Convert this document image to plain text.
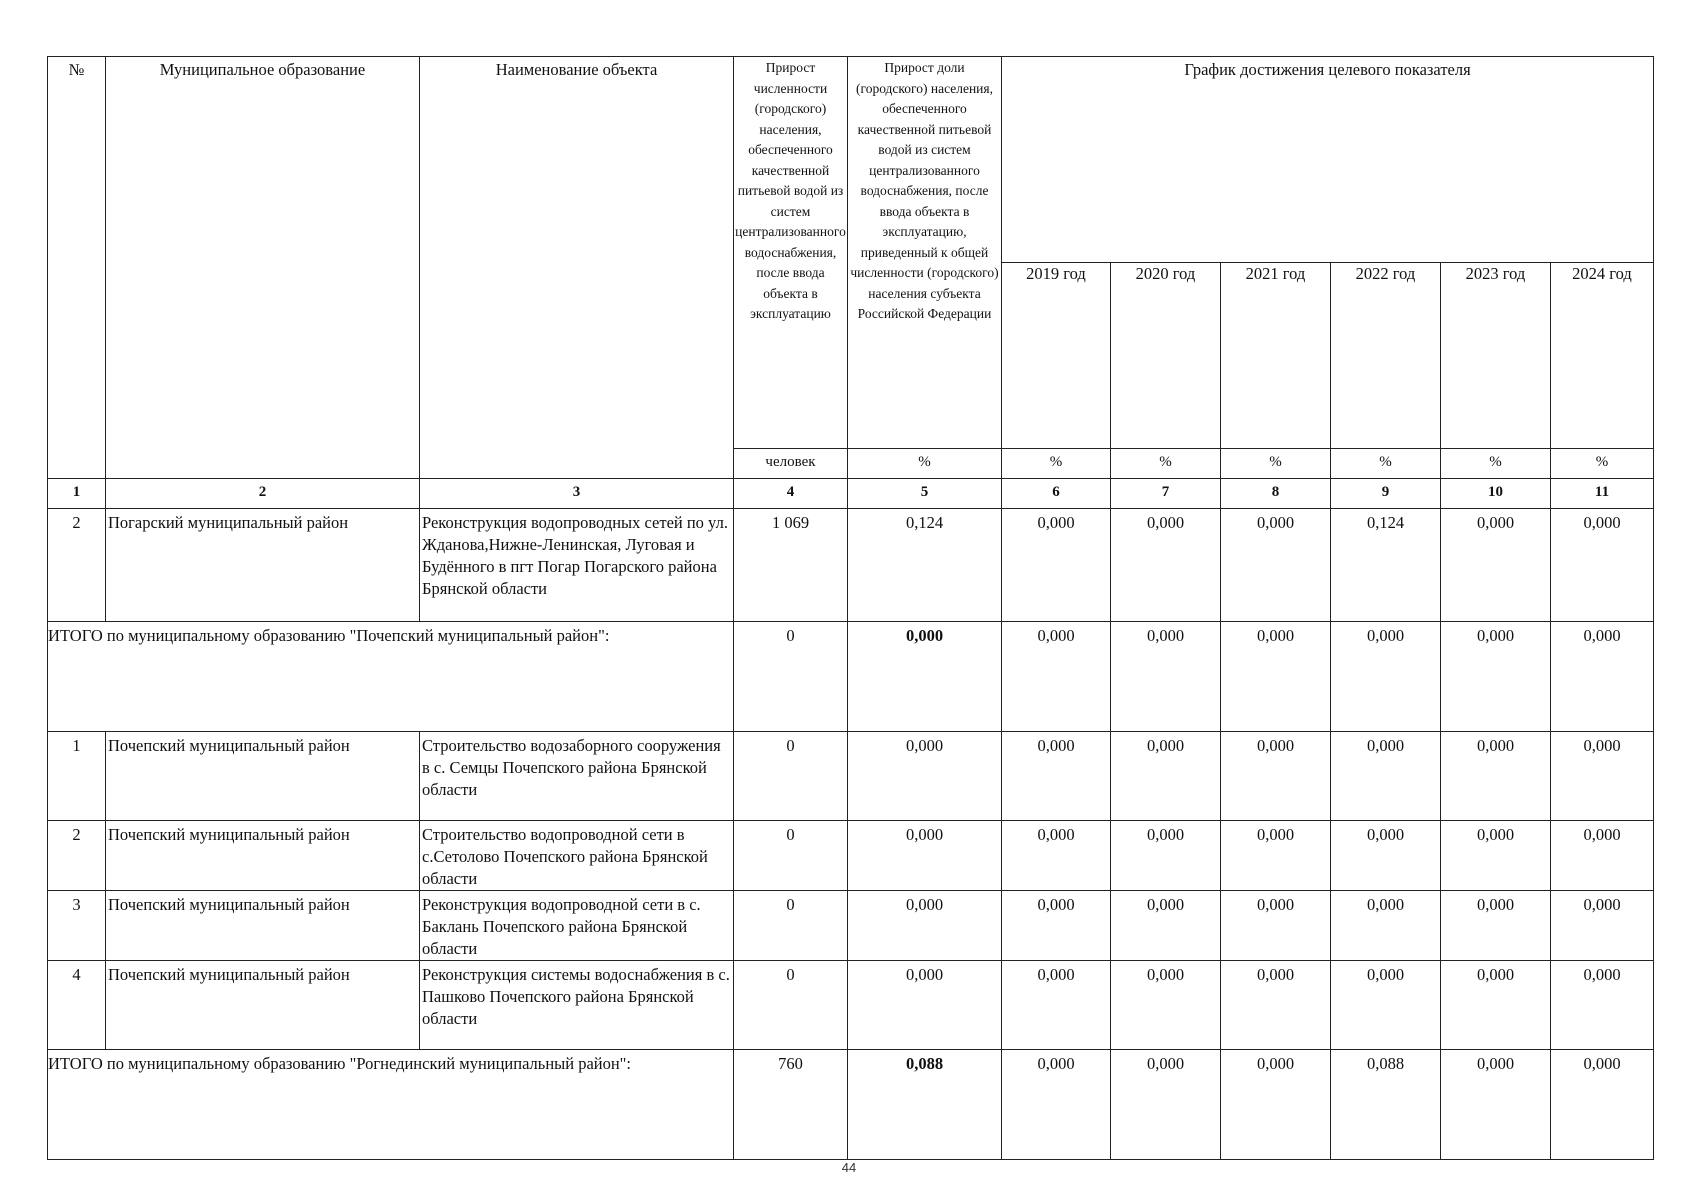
№	Муниципальное образование	Наименование объекта	Прирост численности (городского) населения, обеспеченного качественной питьевой водой из систем централизованного водоснабжения, после ввода объекта в эксплуатацию	Прирост доли (городского) населения, обеспеченного качественной питьевой водой из систем централизованного водоснабжения, после ввода объекта в эксплуатацию, приведенный к общей численности (городского) населения субъекта Российской Федерации	График достижения целевого показателя					
					2019 год	2020 год	2021 год	2022 год	2023 год	2024 год
			человек	%	%	%	%	%	%	%
1	2	3	4	5	6	7	8	9	10	11
2	Погарский муниципальный район	Реконструкция водопроводных сетей по ул. Жданова,Нижне-Ленинская, Луговая и Будённого в пгт Погар Погарского района Брянской области	1 069	0,124	0,000	0,000	0,000	0,124	0,000	0,000
ИТОГО по муниципальному образованию "Почепский муниципальный район":			0	0,000	0,000	0,000	0,000	0,000	0,000	0,000
1	Почепский муниципальный район	Строительство водозаборного сооружения в с. Семцы Почепского района Брянской области	0	0,000	0,000	0,000	0,000	0,000	0,000	0,000
2	Почепский муниципальный район	Строительство водопроводной сети в с.Сетолово Почепского района Брянской области	0	0,000	0,000	0,000	0,000	0,000	0,000	0,000
3	Почепский муниципальный район	Реконструкция водопроводной сети в с. Баклань Почепского района Брянской области	0	0,000	0,000	0,000	0,000	0,000	0,000	0,000
4	Почепский муниципальный район	Реконструкция системы водоснабжения в с. Пашково Почепского района Брянской области	0	0,000	0,000	0,000	0,000	0,000	0,000	0,000
ИТОГО по муниципальному образованию "Рогнединский муниципальный район":			760	0,088	0,000	0,000	0,000	0,088	0,000	0,000
44
